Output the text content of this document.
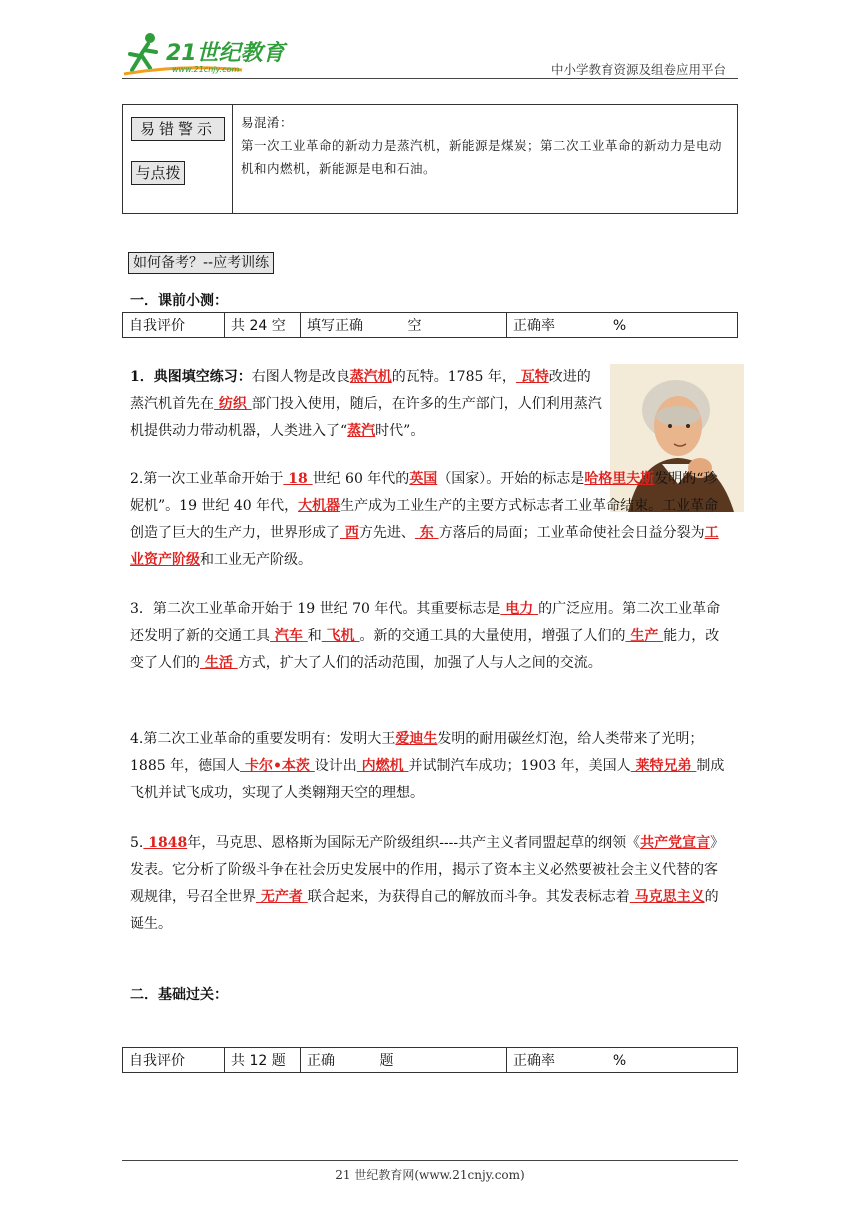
21世纪教育
www.21cnjy.com	中小学教育资源及组卷应用平台
易错警示
与点拨
易混淆：
第一次工业革命的新动力是蒸汽机，新能源是煤炭；第二次工业革命的新动力是电动机和内燃机，新能源是电和石油。
如何备考？--应考训练
一．课前小测：
自我评价	共 24 空	填写正确          空	正确率             %
1．典图填空练习：右图人物是改良蒸汽机的瓦特。1785 年， 瓦特改进的蒸汽机首先在 纺织 部门投入使用，随后，在许多的生产部门，人们利用蒸汽机提供动力带动机器，人类进入了“蒸汽时代”。
2.第一次工业革命开始于 18 世纪 60 年代的英国（国家）。开始的标志是哈格里夫斯发明的“珍妮机”。19 世纪 40 年代，大机器生产成为工业生产的主要方式标志者工业革命结束。工业革命创造了巨大的生产力，世界形成了 西方先进、 东 方落后的局面；工业革命使社会日益分裂为工业资产阶级和工业无产阶级。
3．第二次工业革命开始于 19 世纪 70 年代。其重要标志是 电力 的广泛应用。第二次工业革命还发明了新的交通工具 汽车 和 飞机 。新的交通工具的大量使用，增强了人们的 生产 能力，改变了人们的 生活 方式，扩大了人们的活动范围，加强了人与人之间的交流。
4.第二次工业革命的重要发明有：发明大王爱迪生发明的耐用碳丝灯泡，给人类带来了光明；1885 年，德国人 卡尔•本茨 设计出 内燃机 并试制汽车成功；1903 年，美国人 莱特兄弟 制成飞机并试飞成功，实现了人类翱翔天空的理想。
5. 1848年，马克思、恩格斯为国际无产阶级组织----共产主义者同盟起草的纲领《共产党宣言》发表。它分析了阶级斗争在社会历史发展中的作用，揭示了资本主义必然要被社会主义代替的客观规律，号召全世界 无产者 联合起来，为获得自己的解放而斗争。其发表标志着 马克思主义的诞生。
二．基础过关：
自我评价	共 12 题	正确          题	正确率             %
21 世纪教育网(www.21cnjy.com)
